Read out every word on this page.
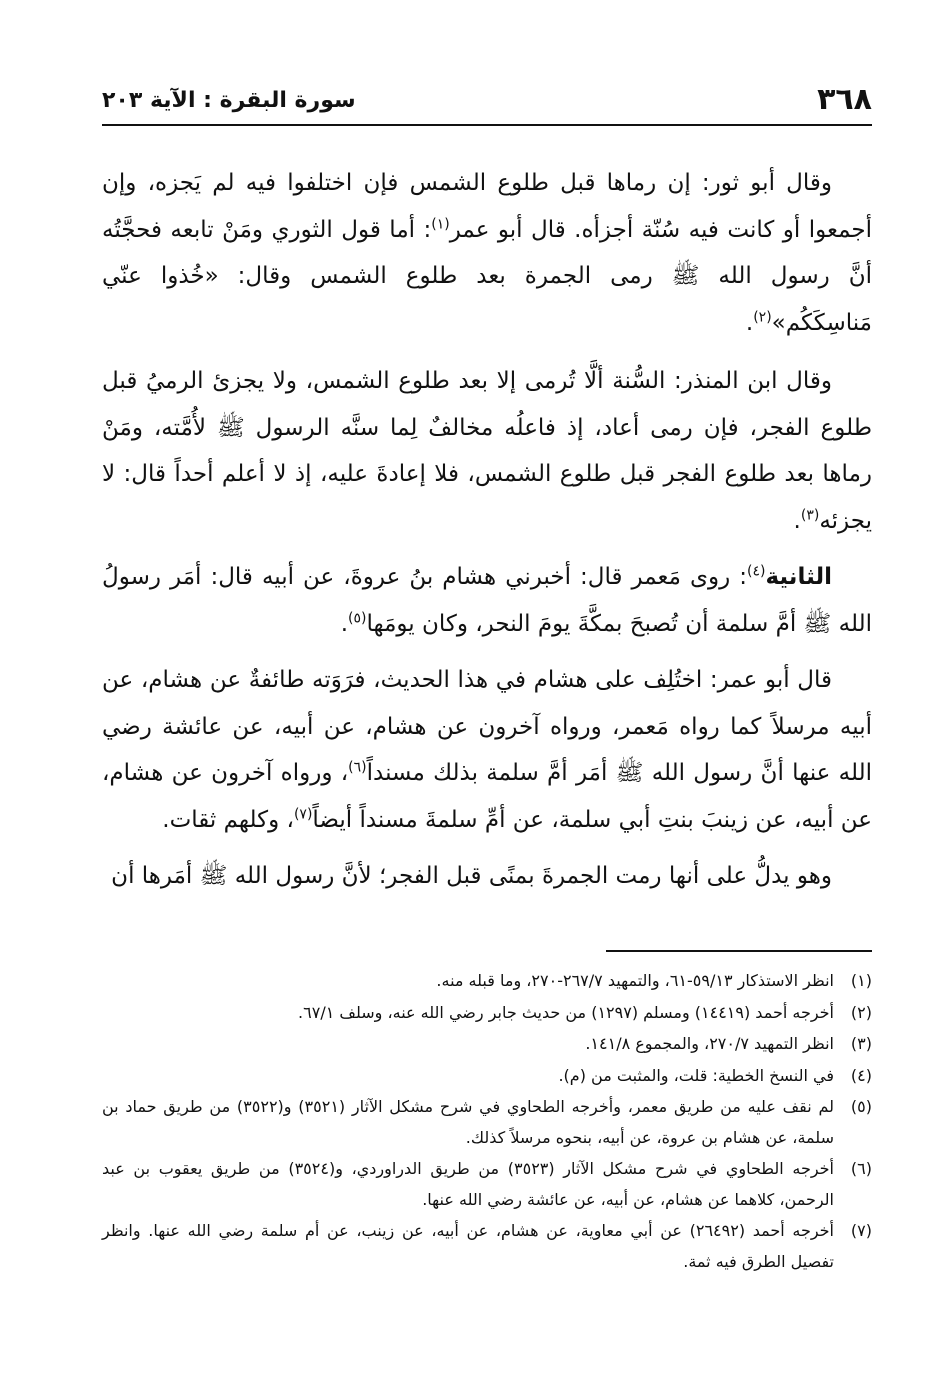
٣٦٨
سورة البقرة : الآية ٢٠٣

وقال أبو ثور: إن رماها قبل طلوع الشمس فإن اختلفوا فيه لم يَجزه، وإن أجمعوا أو كانت فيه سُنّة أجزأه. قال أبو عمر$^{(١)}$: أما قول الثوري ومَنْ تابعه فحجَّتُه أنَّ رسول الله ﷺ رمى الجمرة بعد طلوع الشمس وقال: «خُذوا عنّي مَناسِكَكُم»$^{(٢)}$.

وقال ابن المنذر: السُّنة ألَّا تُرمى إلا بعد طلوع الشمس، ولا يجزئ الرميُ قبل طلوع الفجر، فإن رمى أعاد، إذ فاعلُه مخالفٌ لِما سنَّه الرسول ﷺ لأُمَّته، ومَنْ رماها بعد طلوع الفجر قبل طلوع الشمس، فلا إعادةَ عليه، إذ لا أعلم أحداً قال: لا يجزئه$^{(٣)}$.

الثانية$^{(٤)}$: روى مَعمر قال: أخبرني هشام بنُ عروةَ، عن أبيه قال: أمَر رسولُ الله ﷺ أمَّ سلمة أن تُصبحَ بمكَّةَ يومَ النحر، وكان يومَها$^{(٥)}$.

قال أبو عمر: اختُلِف على هشام في هذا الحديث، فرَوَته طائفةٌ عن هشام، عن أبيه مرسلاً كما رواه مَعمر، ورواه آخرون عن هشام، عن أبيه، عن عائشة رضي الله عنها أنَّ رسول الله ﷺ أمَر أمَّ سلمة بذلك مسنداً$^{(٦)}$، ورواه آخرون عن هشام، عن أبيه، عن زينبَ بنتِ أبي سلمة، عن أمِّ سلمةَ مسنداً أيضاً$^{(٧)}$، وكلهم ثقات.

وهو يدلُّ على أنها رمت الجمرةَ بمنًى قبل الفجر؛ لأنَّ رسول الله ﷺ أمَرها أن

(١)
انظر الاستذكار ٥٩/١٣-٦١، والتمهيد ٢٦٧/٧-٢٧٠، وما قبله منه.
(٢)
أخرجه أحمد (١٤٤١٩) ومسلم (١٢٩٧) من حديث جابر رضي الله عنه، وسلف ٦٧/١.
(٣)
انظر التمهيد ٢٧٠/٧، والمجموع ١٤١/٨.
(٤)
في النسخ الخطية: قلت، والمثبت من (م).
(٥)
لم نقف عليه من طريق معمر، وأخرجه الطحاوي في شرح مشكل الآثار (٣٥٢١) و(٣٥٢٢) من طريق حماد بن سلمة، عن هشام بن عروة، عن أبيه، بنحوه مرسلاً كذلك.
(٦)
أخرجه الطحاوي في شرح مشكل الآثار (٣٥٢٣) من طريق الدراوردي، و(٣٥٢٤) من طريق يعقوب بن عبد الرحمن، كلاهما عن هشام، عن أبيه، عن عائشة رضي الله عنها.
(٧)
أخرجه أحمد (٢٦٤٩٢) عن أبي معاوية، عن هشام، عن أبيه، عن زينب، عن أم سلمة رضي الله عنها. وانظر تفصيل الطرق فيه ثمة.
